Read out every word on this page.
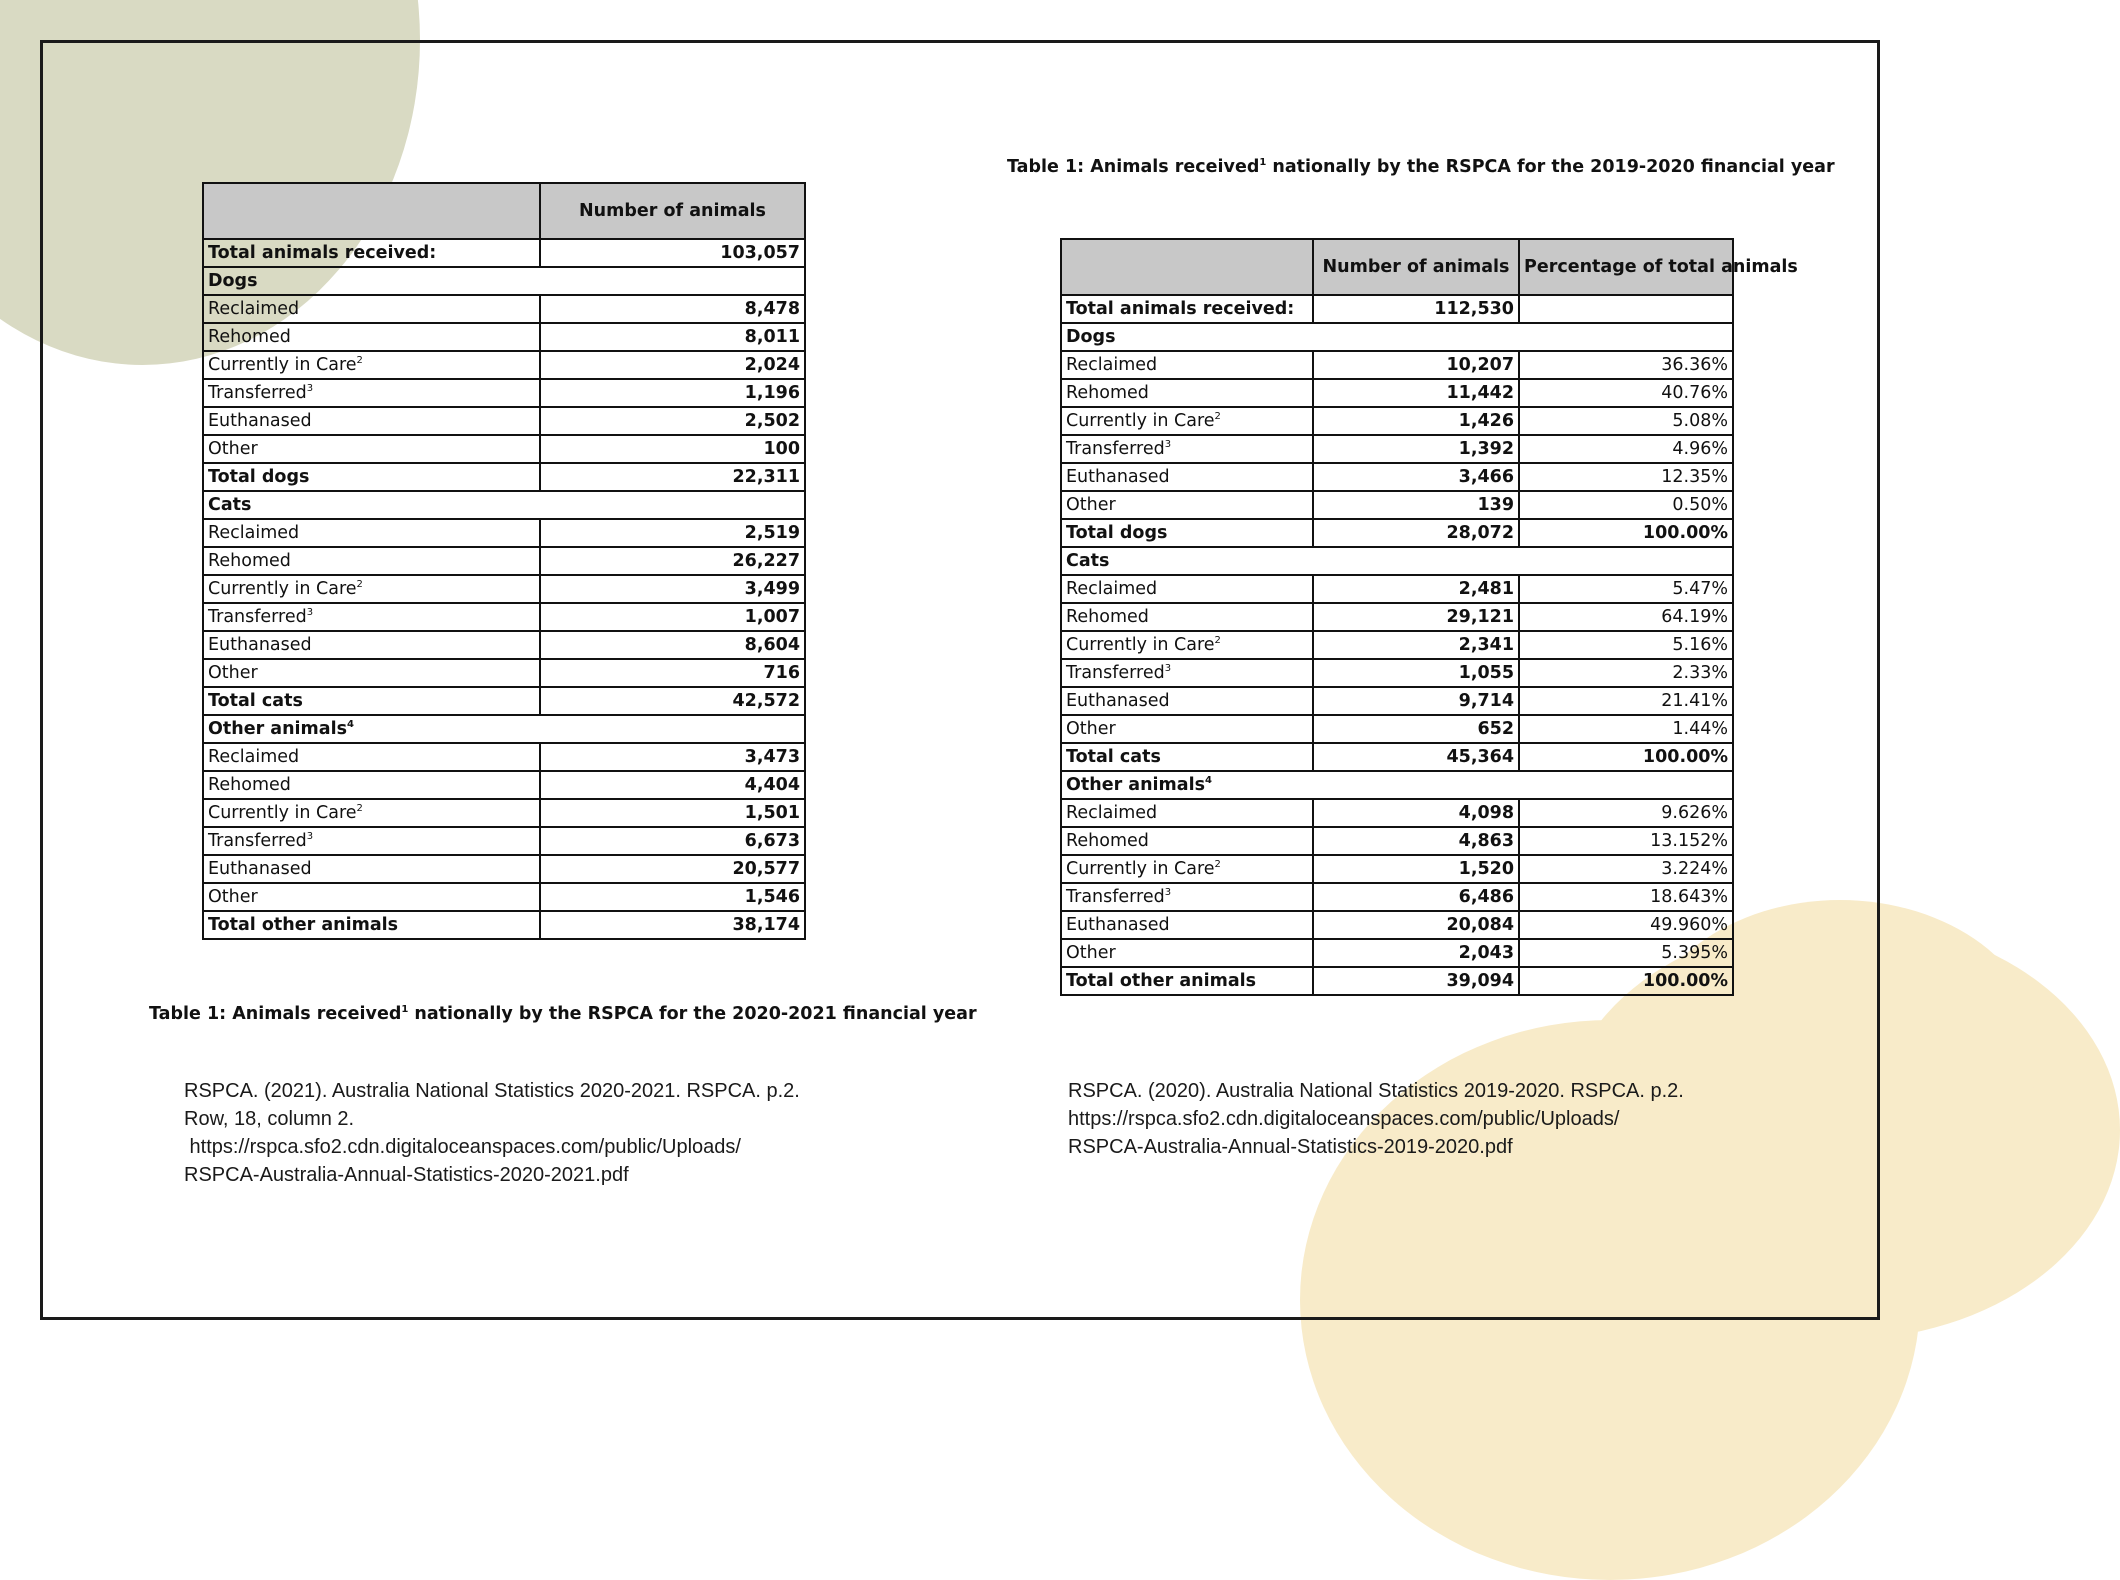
	Number of animals
Total animals received:	103,057
Dogs	
Reclaimed	8,478
Rehomed	8,011
Currently in Care$^2$	2,024
Transferred$^3$	1,196
Euthanased	2,502
Other	100
Total dogs	22,311
Cats	
Reclaimed	2,519
Rehomed	26,227
Currently in Care$^2$	3,499
Transferred$^3$	1,007
Euthanased	8,604
Other	716
Total cats	42,572
Other animals$^4$
Reclaimed	3,473
Rehomed	4,404
Currently in Care$^2$	1,501
Transferred$^3$	6,673
Euthanased	20,577
Other	1,546
Total other animals	38,174
Table 1: Animals received$^1$ nationally by the RSPCA for the 2020-2021 financial year
Table 1: Animals received$^1$ nationally by the RSPCA for the 2019-2020 financial year
	Number of animals	Percentage of total animals
Total animals received:	112,530	
Dogs		
Reclaimed	10,207	36.36%
Rehomed	11,442	40.76%
Currently in Care$^2$	1,426	5.08%
Transferred$^3$	1,392	4.96%
Euthanased	3,466	12.35%
Other	139	0.50%
Total dogs	28,072	100.00%
Cats		
Reclaimed	2,481	5.47%
Rehomed	29,121	64.19%
Currently in Care$^2$	2,341	5.16%
Transferred$^3$	1,055	2.33%
Euthanased	9,714	21.41%
Other	652	1.44%
Total cats	45,364	100.00%
Other animals$^4$
Reclaimed	4,098	9.626%
Rehomed	4,863	13.152%
Currently in Care$^2$	1,520	3.224%
Transferred$^3$	6,486	18.643%
Euthanased	20,084	49.960%
Other	2,043	5.395%
Total other animals	39,094	100.00%
RSPCA. (2021). Australia National Statistics 2020-2021. RSPCA. p.2.
Row, 18, column 2.
https://rspca.sfo2.cdn.digitaloceanspaces.com/public/Uploads/
RSPCA-Australia-Annual-Statistics-2020-2021.pdf
RSPCA. (2020). Australia National Statistics 2019-2020. RSPCA. p.2.
https://rspca.sfo2.cdn.digitaloceanspaces.com/public/Uploads/
RSPCA-Australia-Annual-Statistics-2019-2020.pdf
